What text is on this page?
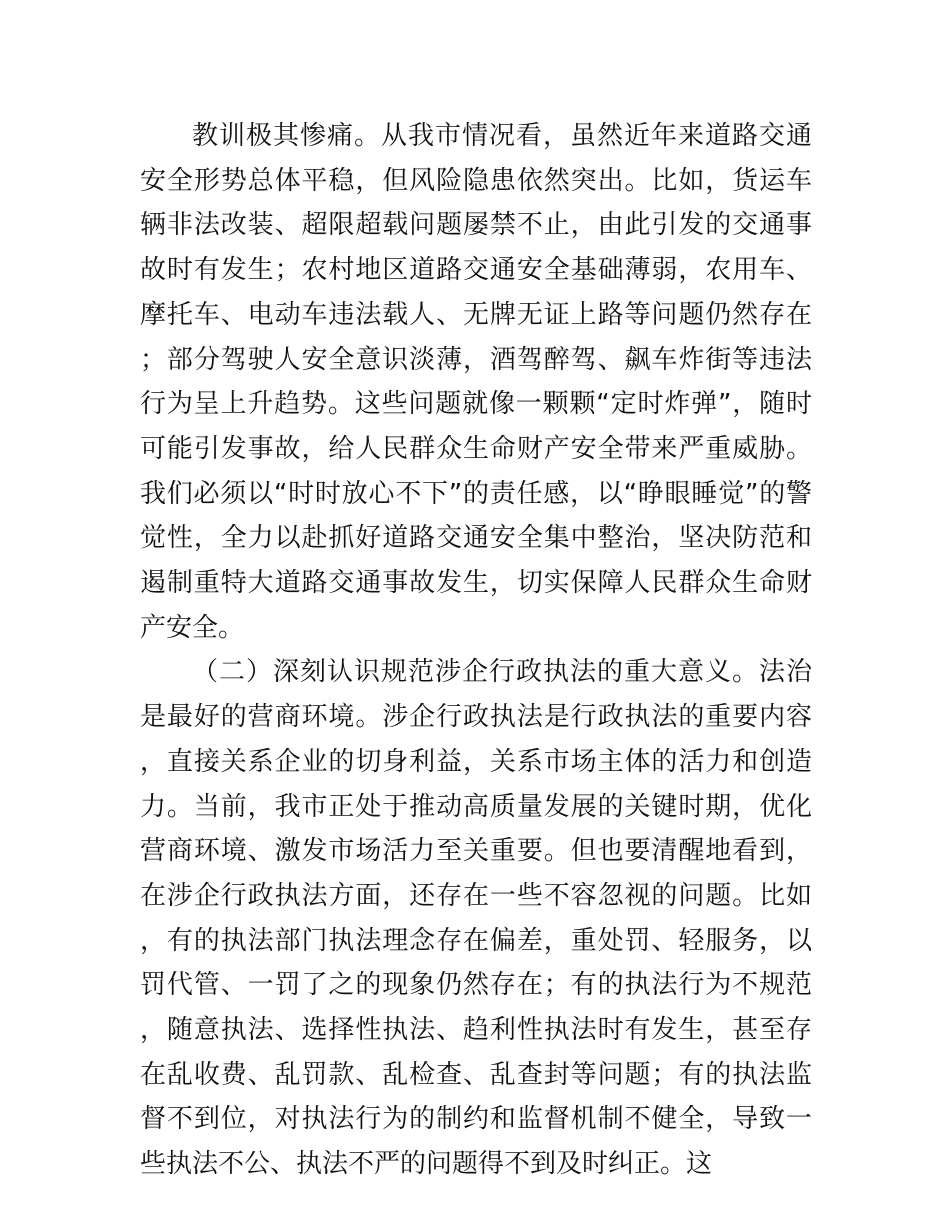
教训极其惨痛。从我市情况看，虽然近年来道路交通安全形势总体平稳，但风险隐患依然突出。比如，货运车辆非法改装、超限超载问题屡禁不止，由此引发的交通事故时有发生；农村地区道路交通安全基础薄弱，农用车、摩托车、电动车违法载人、无牌无证上路等问题仍然存在；部分驾驶人安全意识淡薄，酒驾醉驾、飙车炸街等违法行为呈上升趋势。这些问题就像一颗颗“定时炸弹”，随时可能引发事故，给人民群众生命财产安全带来严重威胁。我们必须以“时时放心不下”的责任感，以“睁眼睡觉”的警觉性，全力以赴抓好道路交通安全集中整治，坚决防范和遏制重特大道路交通事故发生，切实保障人民群众生命财产安全。

（二）深刻认识规范涉企行政执法的重大意义。法治是最好的营商环境。涉企行政执法是行政执法的重要内容，直接关系企业的切身利益，关系市场主体的活力和创造力。当前，我市正处于推动高质量发展的关键时期，优化营商环境、激发市场活力至关重要。但也要清醒地看到，在涉企行政执法方面，还存在一些不容忽视的问题。比如，有的执法部门执法理念存在偏差，重处罚、轻服务，以罚代管、一罚了之的现象仍然存在；有的执法行为不规范，随意执法、选择性执法、趋利性执法时有发生，甚至存在乱收费、乱罚款、乱检查、乱查封等问题；有的执法监督不到位，对执法行为的制约和监督机制不健全，导致一些执法不公、执法不严的问题得不到及时纠正。这
